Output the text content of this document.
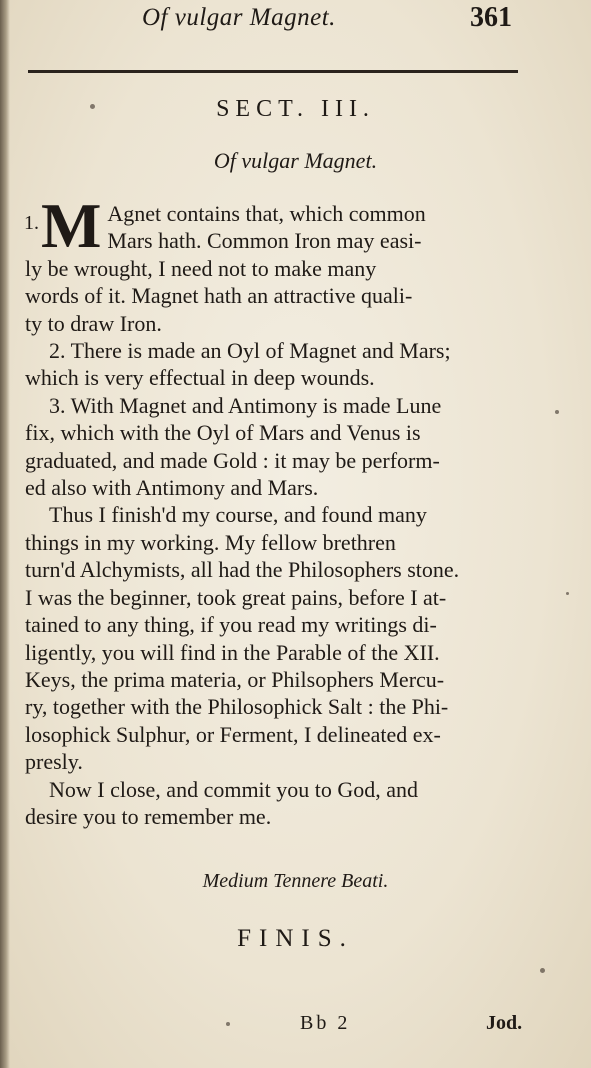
Of vulgar Magnet.	361
SECT. III.
Of vulgar Magnet.

M Agnet contains that, which common
Mars hath. Common Iron may easi-
ly be wrought, I need not to make many
words of it. Magnet hath an attractive quali-
ty to draw Iron.

2. There is made an Oyl of Magnet and Mars;
which is very effectual in deep wounds.

3. With Magnet and Antimony is made Lune
fix, which with the Oyl of Mars and Venus is
graduated, and made Gold : it may be perform-
ed also with Antimony and Mars.

Thus I finish'd my course, and found many
things in my working. My fellow brethren
turn'd Alchymists, all had the Philosophers stone.
I was the beginner, took great pains, before I at-
tained to any thing, if you read my writings di-
ligently, you will find in the Parable of the XII.
Keys, the prima materia, or Philsophers Mercu-
ry, together with the Philosophick Salt : the Phi-
losophick Sulphur, or Ferment, I delineated ex-
presly.

Now I close, and commit you to God, and
desire you to remember me.

1.
Medium Tennere Beati.
FINIS.
Bb 2	Jod.
